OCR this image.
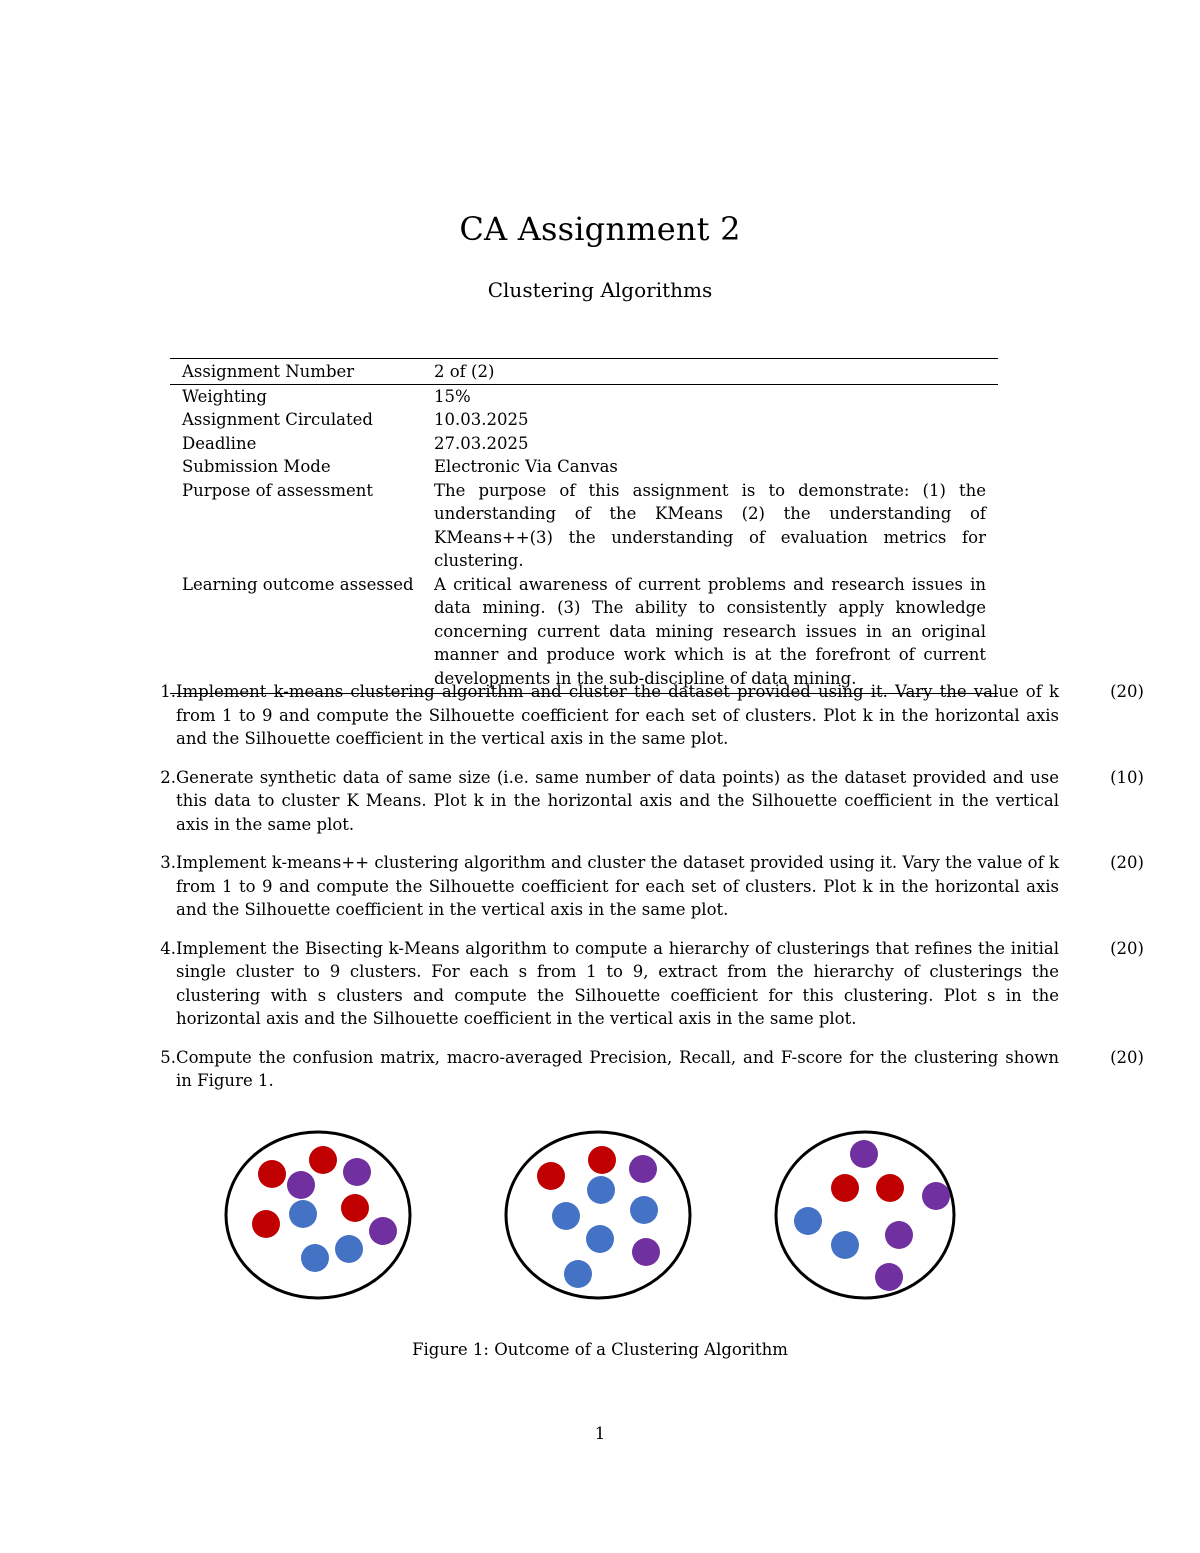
CA Assignment 2
Clustering Algorithms
Assignment Number	2 of (2)
Weighting	15%
Assignment Circulated	10.03.2025
Deadline	27.03.2025
Submission Mode	Electronic Via Canvas
Purpose of assessment	The purpose of this assignment is to demonstrate: (1) the understanding of the KMeans (2) the understanding of KMeans++(3) the understanding of evaluation metrics for clustering.
Learning outcome assessed	A critical awareness of current problems and research issues in data mining. (3) The ability to consistently apply knowledge concerning current data mining research issues in an original manner and produce work which is at the forefront of current developments in the sub-discipline of data mining.
1. Implement k-means clustering algorithm and cluster the dataset provided using it. Vary the value of k from 1 to 9 and compute the Silhouette coefficient for each set of clusters. Plot k in the horizontal axis and the Silhouette coefficient in the vertical axis in the same plot.
(20)
2. Generate synthetic data of same size (i.e. same number of data points) as the dataset provided and use this data to cluster K Means. Plot k in the horizontal axis and the Silhouette coefficient in the vertical axis in the same plot.
(10)
3. Implement k-means++ clustering algorithm and cluster the dataset provided using it. Vary the value of k from 1 to 9 and compute the Silhouette coefficient for each set of clusters. Plot k in the horizontal axis and the Silhouette coefficient in the vertical axis in the same plot.
(20)
4. Implement the Bisecting k-Means algorithm to compute a hierarchy of clusterings that refines the initial single cluster to 9 clusters. For each s from 1 to 9, extract from the hierarchy of clusterings the clustering with s clusters and compute the Silhouette coefficient for this clustering. Plot s in the horizontal axis and the Silhouette coefficient in the vertical axis in the same plot.
(20)
5. Compute the confusion matrix, macro-averaged Precision, Recall, and F-score for the clustering shown in Figure 1.
(20)
Figure 1: Outcome of a Clustering Algorithm
1
